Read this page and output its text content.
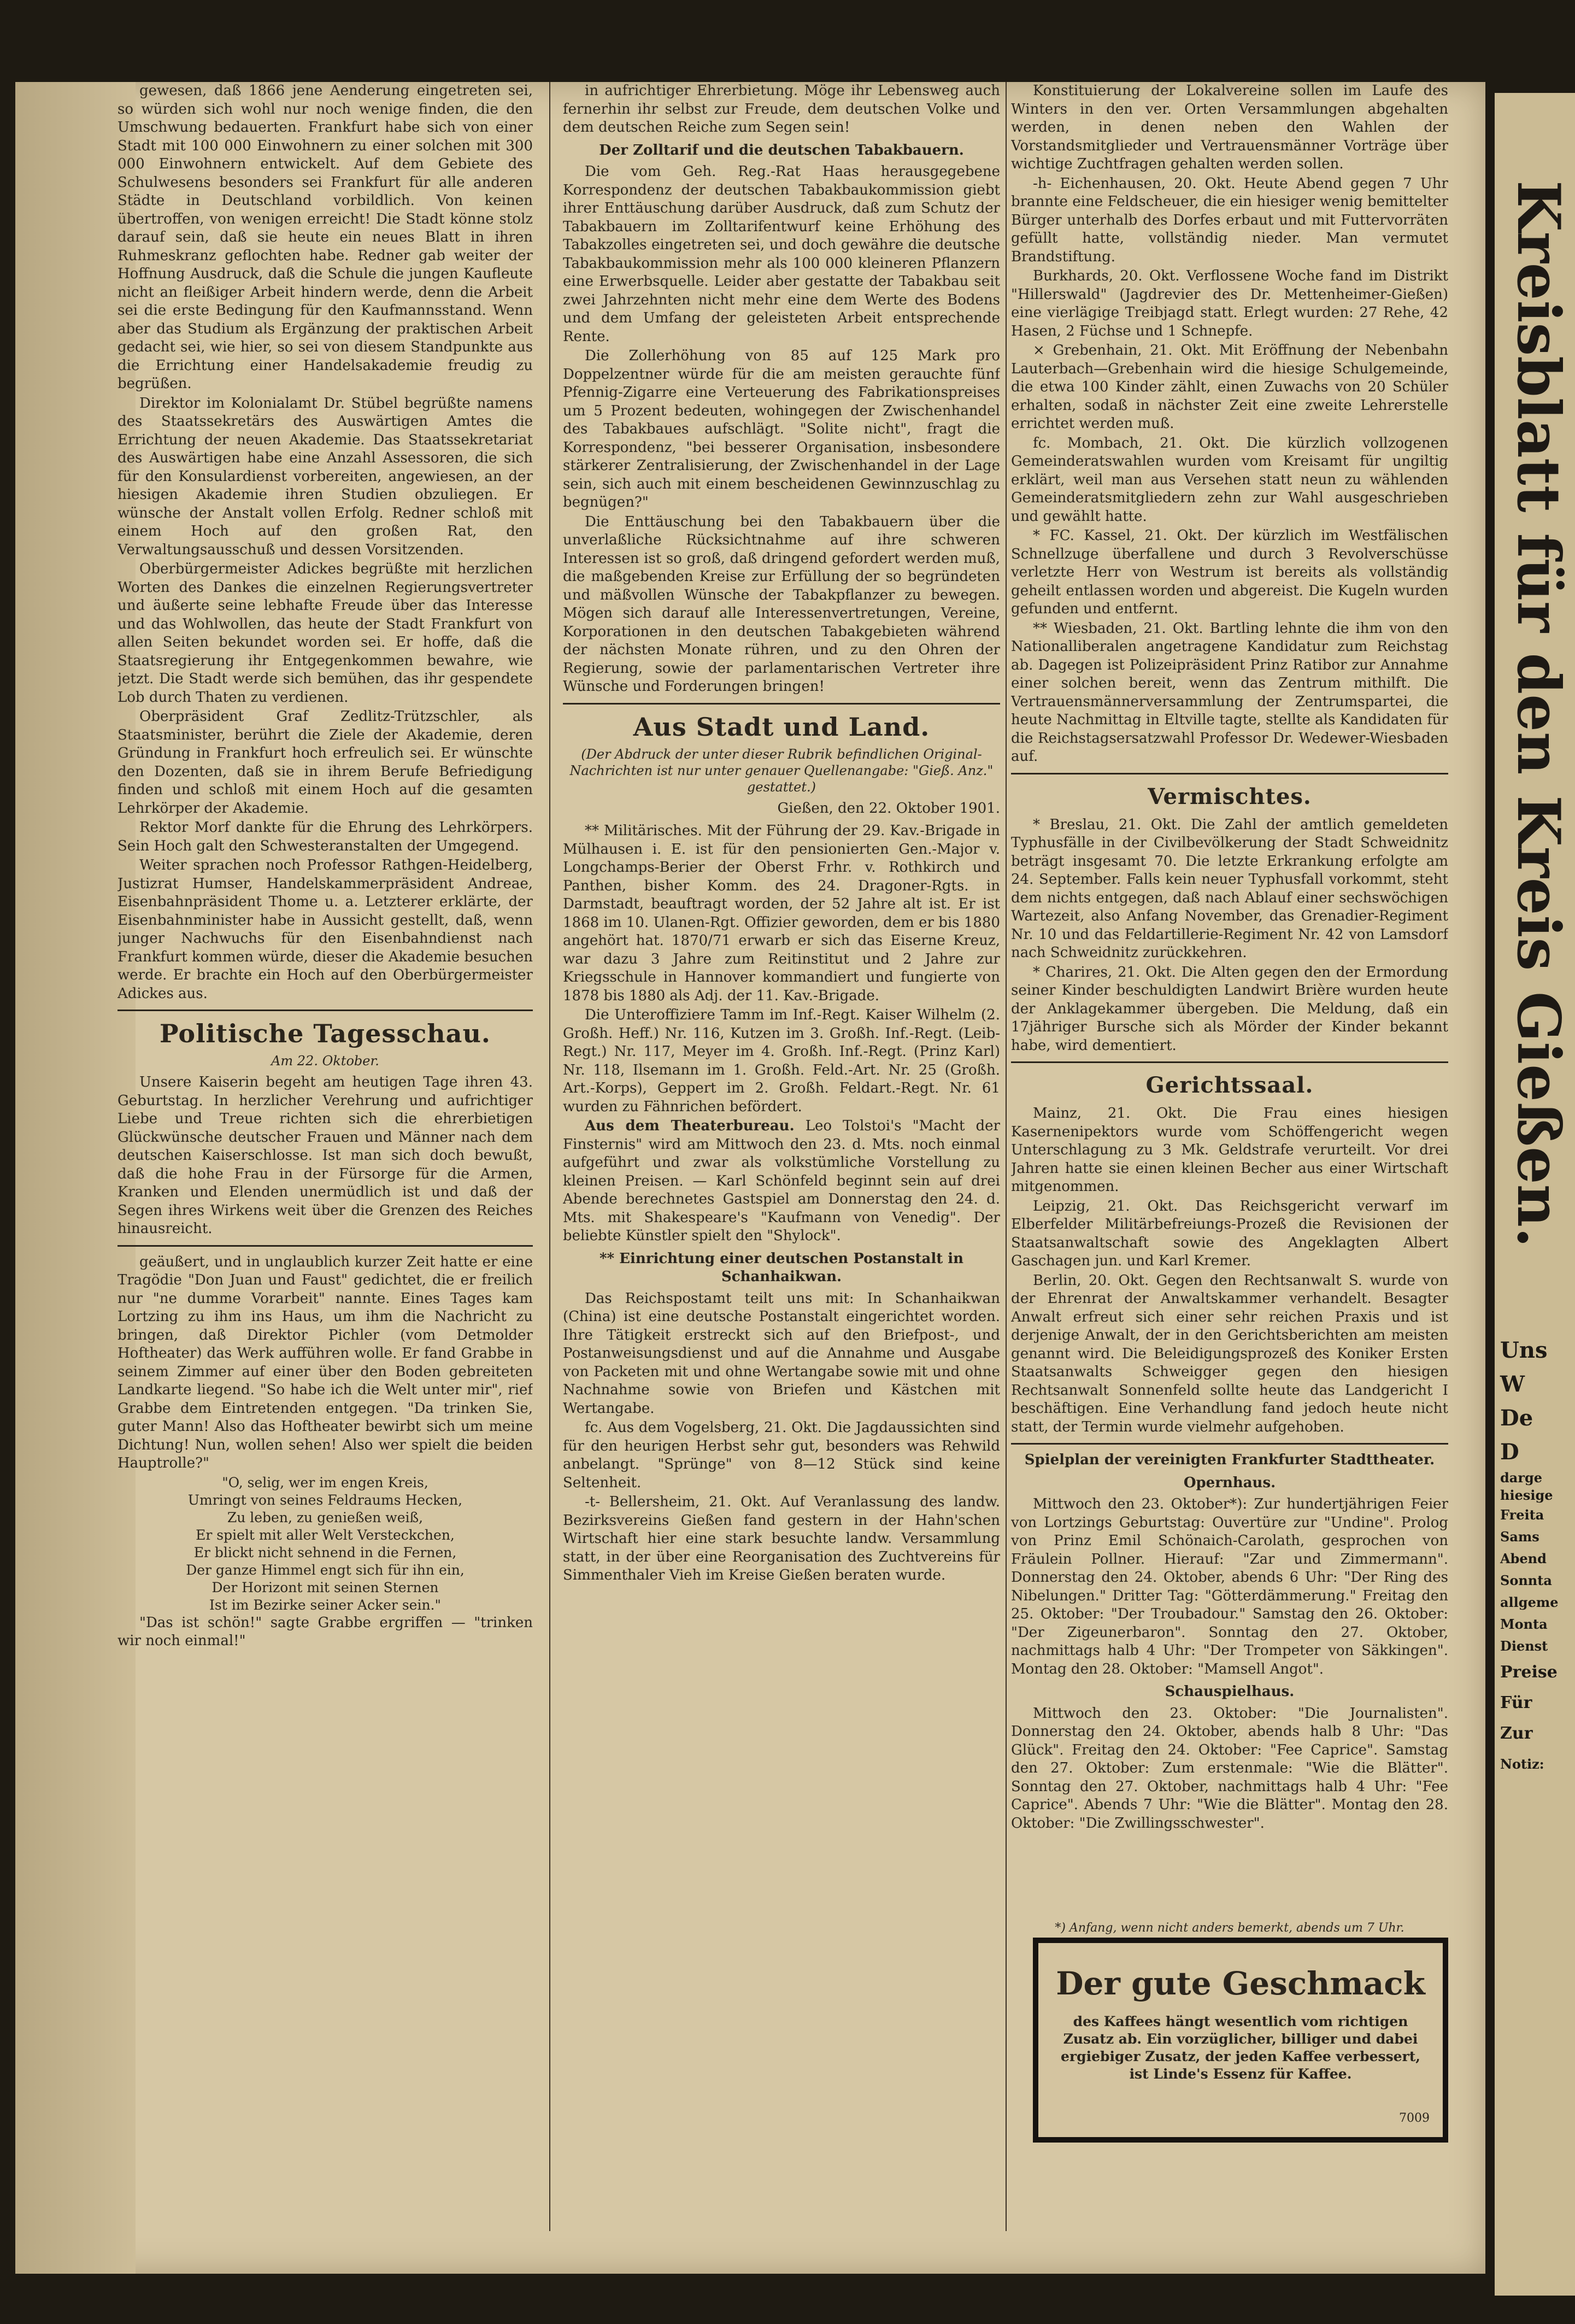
gewesen, daß 1866 jene Aenderung eingetreten sei, so würden sich wohl nur noch wenige finden, die den Umschwung bedauerten. Frankfurt habe sich von einer Stadt mit 100 000 Einwohnern zu einer solchen mit 300 000 Einwohnern entwickelt. Auf dem Gebiete des Schulwesens besonders sei Frankfurt für alle anderen Städte in Deutschland vorbildlich. Von keinen übertroffen, von wenigen erreicht! Die Stadt könne stolz darauf sein, daß sie heute ein neues Blatt in ihren Ruhmeskranz geflochten habe. Redner gab weiter der Hoffnung Ausdruck, daß die Schule die jungen Kaufleute nicht an fleißiger Arbeit hindern werde, denn die Arbeit sei die erste Bedingung für den Kaufmannsstand. Wenn aber das Studium als Ergänzung der praktischen Arbeit gedacht sei, wie hier, so sei von diesem Standpunkte aus die Errichtung einer Handelsakademie freudig zu begrüßen.

Direktor im Kolonialamt Dr. Stübel begrüßte namens des Staatssekretärs des Auswärtigen Amtes die Errichtung der neuen Akademie. Das Staatssekretariat des Auswärtigen habe eine Anzahl Assessoren, die sich für den Konsulardienst vorbereiten, angewiesen, an der hiesigen Akademie ihren Studien obzuliegen. Er wünsche der Anstalt vollen Erfolg. Redner schloß mit einem Hoch auf den großen Rat, den Verwaltungsausschuß und dessen Vorsitzenden.

Oberbürgermeister Adickes begrüßte mit herzlichen Worten des Dankes die einzelnen Regierungsvertreter und äußerte seine lebhafte Freude über das Interesse und das Wohlwollen, das heute der Stadt Frankfurt von allen Seiten bekundet worden sei. Er hoffe, daß die Staatsregierung ihr Entgegenkommen bewahre, wie jetzt. Die Stadt werde sich bemühen, das ihr gespendete Lob durch Thaten zu verdienen.

Oberpräsident Graf Zedlitz-Trützschler, als Staatsminister, berührt die Ziele der Akademie, deren Gründung in Frankfurt hoch erfreulich sei. Er wünschte den Dozenten, daß sie in ihrem Berufe Befriedigung finden und schloß mit einem Hoch auf die gesamten Lehrkörper der Akademie.

Rektor Morf dankte für die Ehrung des Lehrkörpers. Sein Hoch galt den Schwesteranstalten der Umgegend.

Weiter sprachen noch Professor Rathgen-Heidelberg, Justizrat Humser, Handelskammerpräsident Andreae, Eisenbahnpräsident Thome u. a. Letzterer erklärte, der Eisenbahnminister habe in Aussicht gestellt, daß, wenn junger Nachwuchs für den Eisenbahndienst nach Frankfurt kommen würde, dieser die Akademie besuchen werde. Er brachte ein Hoch auf den Oberbürgermeister Adickes aus.

Politische Tagesschau.
Am 22. Oktober.

Unsere Kaiserin begeht am heutigen Tage ihren 43. Geburtstag. In herzlicher Verehrung und aufrichtiger Liebe und Treue richten sich die ehrerbietigen Glückwünsche deutscher Frauen und Männer nach dem deutschen Kaiserschlosse. Ist man sich doch bewußt, daß die hohe Frau in der Fürsorge für die Armen, Kranken und Elenden unermüdlich ist und daß der Segen ihres Wirkens weit über die Grenzen des Reiches hinausreicht.

geäußert, und in unglaublich kurzer Zeit hatte er eine Tragödie "Don Juan und Faust" gedichtet, die er freilich nur "ne dumme Vorarbeit" nannte. Eines Tages kam Lortzing zu ihm ins Haus, um ihm die Nachricht zu bringen, daß Direktor Pichler (vom Detmolder Hoftheater) das Werk aufführen wolle. Er fand Grabbe in seinem Zimmer auf einer über den Boden gebreiteten Landkarte liegend. "So habe ich die Welt unter mir", rief Grabbe dem Eintretenden entgegen. "Da trinken Sie, guter Mann! Also das Hoftheater bewirbt sich um meine Dichtung! Nun, wollen sehen! Also wer spielt die beiden Hauptrolle?"

"O, selig, wer im engen Kreis,
Umringt von seines Feldraums Hecken,
Zu leben, zu genießen weiß,
Er spielt mit aller Welt Versteckchen,
Er blickt nicht sehnend in die Fernen,
Der ganze Himmel engt sich für ihn ein,
Der Horizont mit seinen Sternen
Ist im Bezirke seiner Acker sein."

"Das ist schön!" sagte Grabbe ergriffen — "trinken wir noch einmal!"

in aufrichtiger Ehrerbietung. Möge ihr Lebensweg auch fernerhin ihr selbst zur Freude, dem deutschen Volke und dem deutschen Reiche zum Segen sein!

Der Zolltarif und die deutschen Tabakbauern.

Die vom Geh. Reg.-Rat Haas herausgegebene Korrespondenz der deutschen Tabakbaukommission giebt ihrer Enttäuschung darüber Ausdruck, daß zum Schutz der Tabakbauern im Zolltarifentwurf keine Erhöhung des Tabakzolles eingetreten sei, und doch gewähre die deutsche Tabakbaukommission mehr als 100 000 kleineren Pflanzern eine Erwerbsquelle. Leider aber gestatte der Tabakbau seit zwei Jahrzehnten nicht mehr eine dem Werte des Bodens und dem Umfang der geleisteten Arbeit entsprechende Rente.

Die Zollerhöhung von 85 auf 125 Mark pro Doppelzentner würde für die am meisten gerauchte fünf Pfennig-Zigarre eine Verteuerung des Fabrikationspreises um 5 Prozent bedeuten, wohingegen der Zwischenhandel des Tabakbaues aufschlägt. "Solite nicht", fragt die Korrespondenz, "bei besserer Organisation, insbesondere stärkerer Zentralisierung, der Zwischenhandel in der Lage sein, sich auch mit einem bescheidenen Gewinnzuschlag zu begnügen?"

Die Enttäuschung bei den Tabakbauern über die unverlaßliche Rücksichtnahme auf ihre schweren Interessen ist so groß, daß dringend gefordert werden muß, die maßgebenden Kreise zur Erfüllung der so begründeten und mäßvollen Wünsche der Tabakpflanzer zu bewegen. Mögen sich darauf alle Interessenvertretungen, Vereine, Korporationen in den deutschen Tabakgebieten während der nächsten Monate rühren, und zu den Ohren der Regierung, sowie der parlamentarischen Vertreter ihre Wünsche und Forderungen bringen!

Aus Stadt und Land.
(Der Abdruck der unter dieser Rubrik befindlichen Original-Nachrichten ist nur unter genauer Quellenangabe: "Gieß. Anz." gestattet.)
Gießen, den 22. Oktober 1901.

** Militärisches. Mit der Führung der 29. Kav.-Brigade in Mülhausen i. E. ist für den pensionierten Gen.-Major v. Longchamps-Berier der Oberst Frhr. v. Rothkirch und Panthen, bisher Komm. des 24. Dragoner-Rgts. in Darmstadt, beauftragt worden, der 52 Jahre alt ist. Er ist 1868 im 10. Ulanen-Rgt. Offizier geworden, dem er bis 1880 angehört hat. 1870/71 erwarb er sich das Eiserne Kreuz, war dazu 3 Jahre zum Reitinstitut und 2 Jahre zur Kriegsschule in Hannover kommandiert und fungierte von 1878 bis 1880 als Adj. der 11. Kav.-Brigade.

Die Unteroffiziere Tamm im Inf.-Regt. Kaiser Wilhelm (2. Großh. Heff.) Nr. 116, Kutzen im 3. Großh. Inf.-Regt. (Leib-Regt.) Nr. 117, Meyer im 4. Großh. Inf.-Regt. (Prinz Karl) Nr. 118, Ilsemann im 1. Großh. Feld.-Art. Nr. 25 (Großh. Art.-Korps), Geppert im 2. Großh. Feldart.-Regt. Nr. 61 wurden zu Fähnrichen befördert.

Aus dem Theaterbureau. Leo Tolstoi's "Macht der Finsternis" wird am Mittwoch den 23. d. Mts. noch einmal aufgeführt und zwar als volkstümliche Vorstellung zu kleinen Preisen. — Karl Schönfeld beginnt sein auf drei Abende berechnetes Gastspiel am Donnerstag den 24. d. Mts. mit Shakespeare's "Kaufmann von Venedig". Der beliebte Künstler spielt den "Shylock".

** Einrichtung einer deutschen Postanstalt in Schanhaikwan.

Das Reichspostamt teilt uns mit: In Schanhaikwan (China) ist eine deutsche Postanstalt eingerichtet worden. Ihre Tätigkeit erstreckt sich auf den Briefpost-, und Postanweisungsdienst und auf die Annahme und Ausgabe von Packeten mit und ohne Wertangabe sowie mit und ohne Nachnahme sowie von Briefen und Kästchen mit Wertangabe.

fc. Aus dem Vogelsberg, 21. Okt. Die Jagdaussichten sind für den heurigen Herbst sehr gut, besonders was Rehwild anbelangt. "Sprünge" von 8—12 Stück sind keine Seltenheit.

-t- Bellersheim, 21. Okt. Auf Veranlassung des landw. Bezirksvereins Gießen fand gestern in der Hahn'schen Wirtschaft hier eine stark besuchte landw. Versammlung statt, in der über eine Reorganisation des Zuchtvereins für Simmenthaler Vieh im Kreise Gießen beraten wurde.

Konstituierung der Lokalvereine sollen im Laufe des Winters in den ver. Orten Versammlungen abgehalten werden, in denen neben den Wahlen der Vorstandsmitglieder und Vertrauensmänner Vorträge über wichtige Zuchtfragen gehalten werden sollen.

-h- Eichenhausen, 20. Okt. Heute Abend gegen 7 Uhr brannte eine Feldscheuer, die ein hiesiger wenig bemittelter Bürger unterhalb des Dorfes erbaut und mit Futtervorräten gefüllt hatte, vollständig nieder. Man vermutet Brandstiftung.

Burkhards, 20. Okt. Verflossene Woche fand im Distrikt "Hillerswald" (Jagdrevier des Dr. Mettenheimer-Gießen) eine vierlägige Treibjagd statt. Erlegt wurden: 27 Rehe, 42 Hasen, 2 Füchse und 1 Schnepfe.

× Grebenhain, 21. Okt. Mit Eröffnung der Nebenbahn Lauterbach—Grebenhain wird die hiesige Schulgemeinde, die etwa 100 Kinder zählt, einen Zuwachs von 20 Schüler erhalten, sodaß in nächster Zeit eine zweite Lehrerstelle errichtet werden muß.

fc. Mombach, 21. Okt. Die kürzlich vollzogenen Gemeinderatswahlen wurden vom Kreisamt für ungiltig erklärt, weil man aus Versehen statt neun zu wählenden Gemeinderatsmitgliedern zehn zur Wahl ausgeschrieben und gewählt hatte.

* FC. Kassel, 21. Okt. Der kürzlich im Westfälischen Schnellzuge überfallene und durch 3 Revolverschüsse verletzte Herr von Westrum ist bereits als vollständig geheilt entlassen worden und abgereist. Die Kugeln wurden gefunden und entfernt.

** Wiesbaden, 21. Okt. Bartling lehnte die ihm von den Nationalliberalen angetragene Kandidatur zum Reichstag ab. Dagegen ist Polizeipräsident Prinz Ratibor zur Annahme einer solchen bereit, wenn das Zentrum mithilft. Die Vertrauensmännerversammlung der Zentrumspartei, die heute Nachmittag in Eltville tagte, stellte als Kandidaten für die Reichstagsersatzwahl Professor Dr. Wedewer-Wiesbaden auf.

Vermischtes.

* Breslau, 21. Okt. Die Zahl der amtlich gemeldeten Typhusfälle in der Civilbevölkerung der Stadt Schweidnitz beträgt insgesamt 70. Die letzte Erkrankung erfolgte am 24. September. Falls kein neuer Typhusfall vorkommt, steht dem nichts entgegen, daß nach Ablauf einer sechswöchigen Wartezeit, also Anfang November, das Grenadier-Regiment Nr. 10 und das Feldartillerie-Regiment Nr. 42 von Lamsdorf nach Schweidnitz zurückkehren.

* Charires, 21. Okt. Die Alten gegen den der Ermordung seiner Kinder beschuldigten Landwirt Brière wurden heute der Anklagekammer übergeben. Die Meldung, daß ein 17jähriger Bursche sich als Mörder der Kinder bekannt habe, wird dementiert.

Gerichtssaal.

Mainz, 21. Okt. Die Frau eines hiesigen Kasernenipektors wurde vom Schöffengericht wegen Unterschlagung zu 3 Mk. Geldstrafe verurteilt. Vor drei Jahren hatte sie einen kleinen Becher aus einer Wirtschaft mitgenommen.

Leipzig, 21. Okt. Das Reichsgericht verwarf im Elberfelder Militärbefreiungs-Prozeß die Revisionen der Staatsanwaltschaft sowie des Angeklagten Albert Gaschagen jun. und Karl Kremer.

Berlin, 20. Okt. Gegen den Rechtsanwalt S. wurde von der Ehrenrat der Anwaltskammer verhandelt. Besagter Anwalt erfreut sich einer sehr reichen Praxis und ist derjenige Anwalt, der in den Gerichtsberichten am meisten genannt wird. Die Beleidigungsprozeß des Koniker Ersten Staatsanwalts Schweigger gegen den hiesigen Rechtsanwalt Sonnenfeld sollte heute das Landgericht I beschäftigen. Eine Verhandlung fand jedoch heute nicht statt, der Termin wurde vielmehr aufgehoben.

Spielplan der vereinigten Frankfurter Stadttheater.
Opernhaus.

Mittwoch den 23. Oktober*): Zur hundertjährigen Feier von Lortzings Geburtstag: Ouvertüre zur "Undine". Prolog von Prinz Emil Schönaich-Carolath, gesprochen von Fräulein Pollner. Hierauf: "Zar und Zimmermann". Donnerstag den 24. Oktober, abends 6 Uhr: "Der Ring des Nibelungen." Dritter Tag: "Götterdämmerung." Freitag den 25. Oktober: "Der Troubadour." Samstag den 26. Oktober: "Der Zigeunerbaron". Sonntag den 27. Oktober, nachmittags halb 4 Uhr: "Der Trompeter von Säkkingen". Montag den 28. Oktober: "Mamsell Angot".

Schauspielhaus.

Mittwoch den 23. Oktober: "Die Journalisten". Donnerstag den 24. Oktober, abends halb 8 Uhr: "Das Glück". Freitag den 24. Oktober: "Fee Caprice". Samstag den 27. Oktober: Zum erstenmale: "Wie die Blätter". Sonntag den 27. Oktober, nachmittags halb 4 Uhr: "Fee Caprice". Abends 7 Uhr: "Wie die Blätter". Montag den 28. Oktober: "Die Zwillingsschwester".

*) Anfang, wenn nicht anders bemerkt, abends um 7 Uhr.
Der gute Geschmack
des Kaffees hängt wesentlich vom richtigen Zusatz ab. Ein vorzüglicher, billiger und dabei ergiebiger Zusatz, der jeden Kaffee verbessert, ist Linde's Essenz für Kaffee.
7009
Kreisblatt für den Kreis Gießen.
Uns
W
De
D
darge
hiesige
Freita
Sams
Abend
Sonnta
allgeme
Monta
Dienst
Preise
Für
Zur
Notiz:
